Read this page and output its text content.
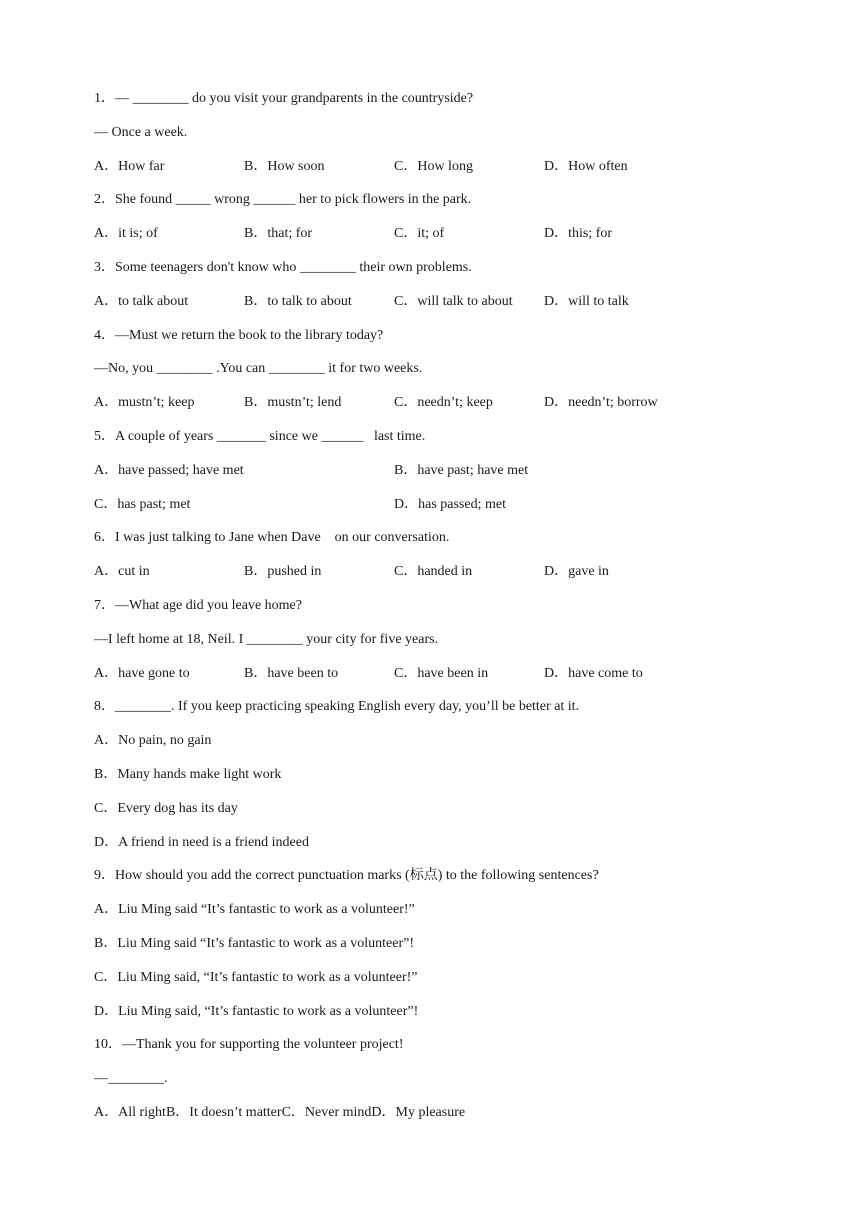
1．— ________ do you visit your grandparents in the countryside?
— Once a week.
A．How far	B．How soon	C．How long	D．How often
2．She found _____ wrong ______ her to pick flowers in the park.
A．it is; of	B．that; for	C．it; of	D．this; for
3．Some teenagers don't know who ________ their own problems.
A．to talk about	B．to talk to about	C．will talk to about D．will to talk
4．—Must we return the book to the library today?
—No, you ________ .You can ________ it for two weeks.
A．mustn’t; keep	B．mustn’t; lend	C．needn’t; keep	D．needn’t; borrow
5．A couple of years _______ since we ______   last time.
A．have passed; have met	B．have past; have met
C．has past; met	D．has passed; met
6．I was just talking to Jane when Dave    on our conversation.
A．cut in	B．pushed in	C．handed in	D．gave in
7．—What age did you leave home?
—I left home at 18, Neil. I ________ your city for five years.
A．have gone to	B．have been to	C．have been in	D．have come to
8．________. If you keep practicing speaking English every day, you’ll be better at it.
A．No pain, no gain
B．Many hands make light work
C．Every dog has its day
D．A friend in need is a friend indeed
9．How should you add the correct punctuation marks (标点) to the following sentences?
A．Liu Ming said “It’s fantastic to work as a volunteer!”
B．Liu Ming said “It’s fantastic to work as a volunteer”!
C．Liu Ming said, “It’s fantastic to work as a volunteer!”
D．Liu Ming said, “It’s fantastic to work as a volunteer”!
10．—Thank you for supporting the volunteer project!
—________.
A．All rightB．It doesn’t matterC．Never mindD．My pleasure
